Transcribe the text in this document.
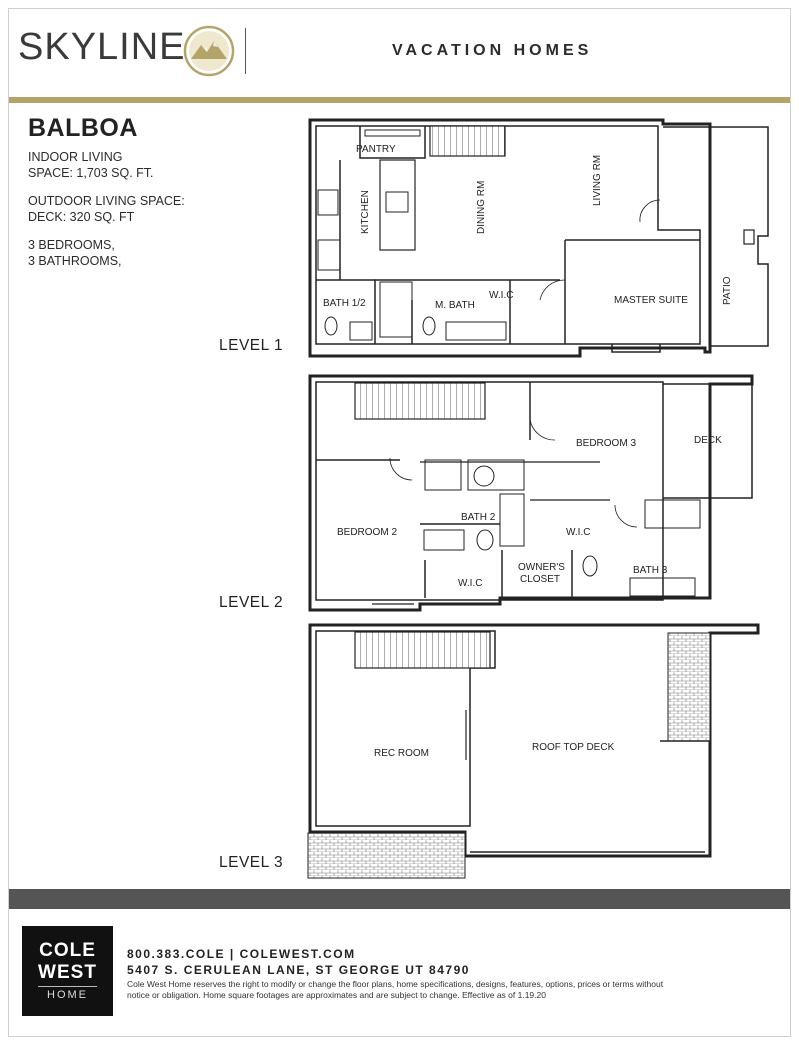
SKYLINE	VACATION HOMES
BALBOA

INDOOR LIVING

SPACE: 1,703 SQ. FT.

OUTDOOR LIVING SPACE:

DECK: 320 SQ. FT

3 BEDROOMS,

3 BATHROOMS,

LEVEL 1
LEVEL 2
LEVEL 3
PANTRY
KITCHEN	DINING RM
LIVING RM
BATH 1/2	M. BATH
W.I.C	MASTER SUITE	PATIO
BEDROOM 3	DECK
BATH 2
BEDROOM 2	W.I.C
W.I.C
OWNER'S
CLOSET
BATH 3
REC ROOM
ROOF TOP DECK
COLE
WEST
HOME
800.383.COLE | COLEWEST.COM
5407 S. CERULEAN LANE, ST GEORGE UT 84790
Cole West Home reserves the right to modify or change the floor plans, home specifications, designs, features, options, prices or terms without notice or obligation. Home square footages are approximates and are subject to change. Effective as of 1.19.20
